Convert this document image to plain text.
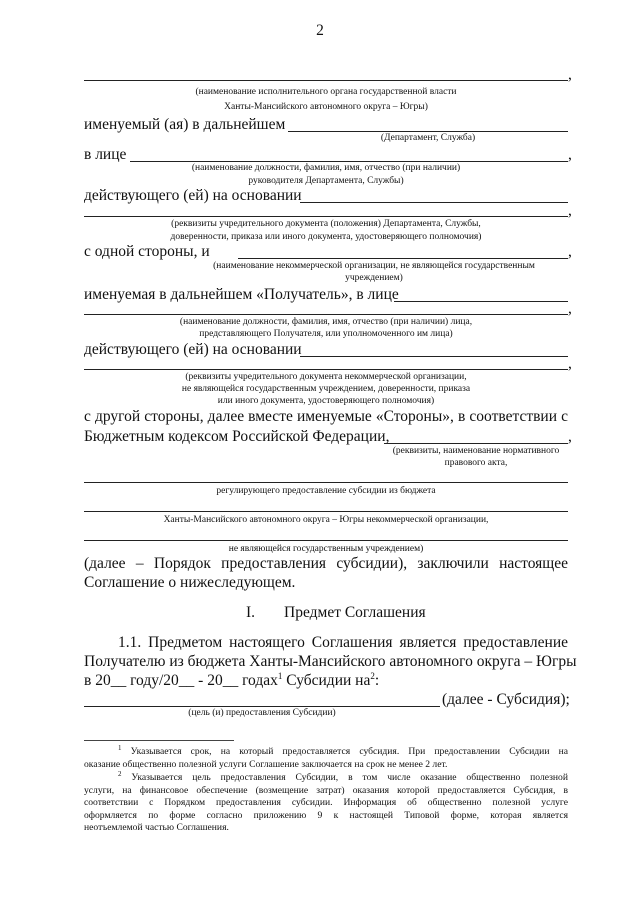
2
,
(наименование исполнительного органа государственной власти
Ханты-Мансийского автономного округа – Югры)
именуемый (ая) в дальнейшем
(Департамент, Служба)
в лице	,
(наименование должности, фамилия, имя, отчество (при наличии)
руководителя Департамента, Службы)
действующего (ей) на основании
,
(реквизиты учредительного документа (положения) Департамента, Службы,
доверенности, приказа или иного документа, удостоверяющего полномочия)
с одной стороны, и	,
(наименование некоммерческой организации, не являющейся государственным
учреждением)
именуемая в дальнейшем «Получатель», в лице
,
(наименование должности, фамилия, имя, отчество (при наличии) лица,
представляющего Получателя, или уполномоченного им лица)
действующего (ей) на основании
,
(реквизиты учредительного документа некоммерческой организации,
не являющейся государственным учреждением, доверенности, приказа
или иного документа, удостоверяющего полномочия)
с другой стороны, далее вместе именуемые «Стороны», в соответствии с
Бюджетным кодексом Российской Федерации,	,
(реквизиты, наименование нормативного
правового акта,
регулирующего предоставление субсидии из бюджета
Ханты-Мансийского автономного округа – Югры некоммерческой организации,
не являющейся государственным учреждением)
(далее – Порядок предоставления субсидии), заключили настоящее
Соглашение о нижеследующем.
I. Предмет Соглашения
1.1. Предметом настоящего Соглашения является предоставление
Получателю из бюджета Ханты-Мансийского автономного округа – Югры
в 20__ году/20__ - 20__ годах$^1$ Субсидии $на^2$:
(далее - Субсидия);
(цель (и) предоставления Субсидии)
$^1$ Указывается срок, на который предоставляется субсидия. При предоставлении Субсидии на
оказание общественно полезной услуги Соглашение заключается на срок не менее 2 лет.
$^2$ Указывается цель предоставления Субсидии, в том числе оказание общественно полезной
услуги, на финансовое обеспечение (возмещение затрат) оказания которой предоставляется Субсидия, в
соответствии с Порядком предоставления субсидии. Информация об общественно полезной услуге
оформляется по форме согласно приложению 9 к настоящей Типовой форме, которая является
неотъемлемой частью Соглашения.
